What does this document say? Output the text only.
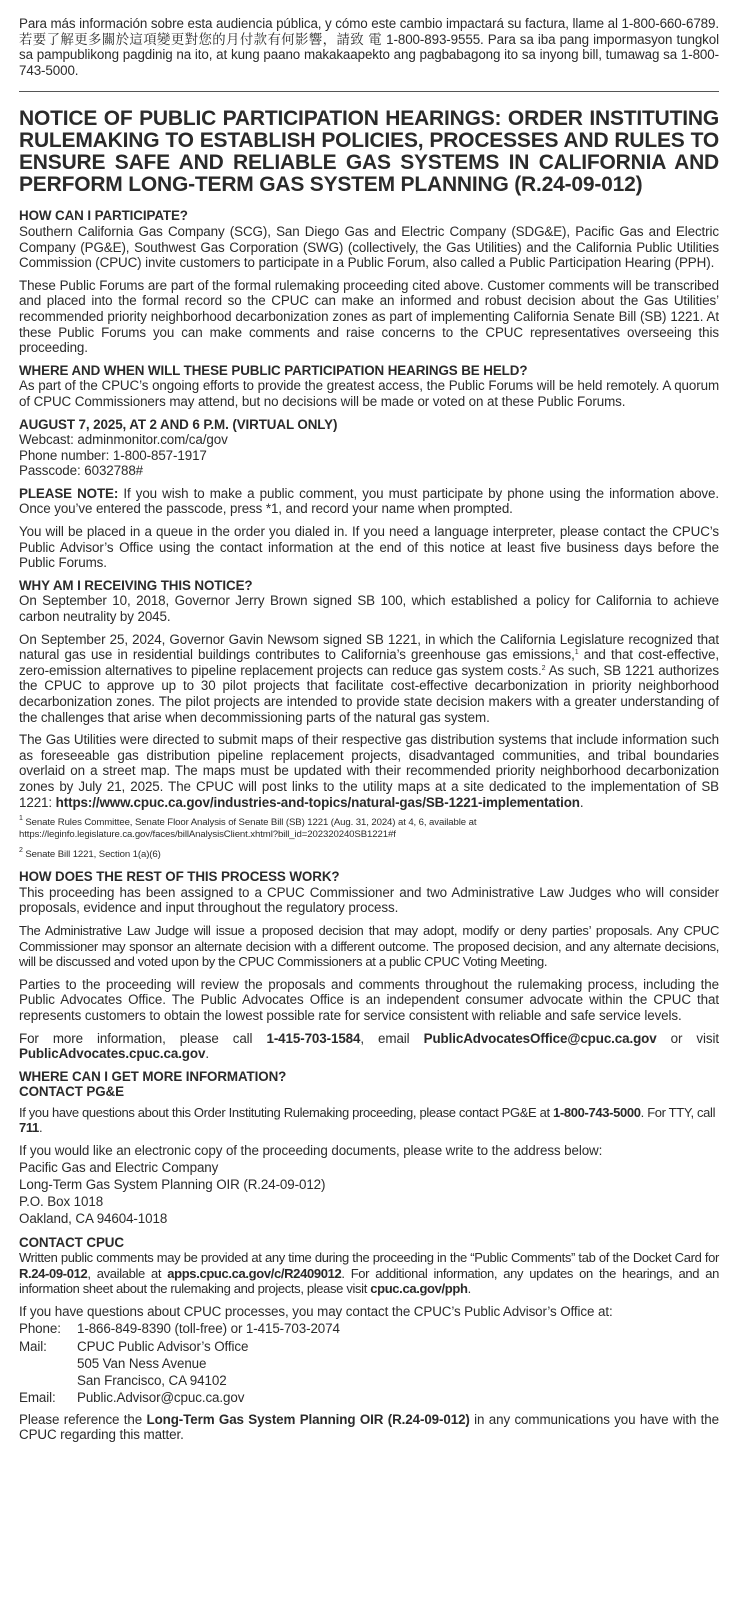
Para más información sobre esta audiencia pública, y cómo este cambio impactará su factura, llame al 1-800-660-6789. 若要了解更多關於這項變更對您的月付款有何影響，請致 電 1-800-893-9555. Para sa iba pang impormasyon tungkol sa pampublikong pagdinig na ito, at kung paano makakaapekto ang pagbabagong ito sa inyong bill, tumawag sa 1-800-743-5000.

NOTICE OF PUBLIC PARTICIPATION HEARINGS: ORDER INSTITUTING RULEMAKING TO ESTABLISH POLICIES, PROCESSES AND RULES TO ENSURE SAFE AND RELIABLE GAS SYSTEMS IN CALIFORNIA AND PERFORM LONG-TERM GAS SYSTEM PLANNING (R.24-09-012)
HOW CAN I PARTICIPATE?

Southern California Gas Company (SCG), San Diego Gas and Electric Company (SDG&E), Pacific Gas and Electric Company (PG&E), Southwest Gas Corporation (SWG) (collectively, the Gas Utilities) and the California Public Utilities Commission (CPUC) invite customers to participate in a Public Forum, also called a Public Participation Hearing (PPH).

These Public Forums are part of the formal rulemaking proceeding cited above. Customer comments will be transcribed and placed into the formal record so the CPUC can make an informed and robust decision about the Gas Utilities’ recommended priority neighborhood decarbonization zones as part of implementing California Senate Bill (SB) 1221. At these Public Forums you can make comments and raise concerns to the CPUC representatives overseeing this proceeding.

WHERE AND WHEN WILL THESE PUBLIC PARTICIPATION HEARINGS BE HELD?

As part of the CPUC’s ongoing efforts to provide the greatest access, the Public Forums will be held remotely. A quorum of CPUC Commissioners may attend, but no decisions will be made or voted on at these Public Forums.

AUGUST 7, 2025, AT 2 AND 6 P.M. (VIRTUAL ONLY)

Webcast: adminmonitor.com/ca/gov

Phone number: 1-800-857-1917

Passcode: 6032788#

PLEASE NOTE: If you wish to make a public comment, you must participate by phone using the information above. Once you’ve entered the passcode, press *1, and record your name when prompted.

You will be placed in a queue in the order you dialed in. If you need a language interpreter, please contact the CPUC’s Public Advisor’s Office using the contact information at the end of this notice at least five business days before the Public Forums.

WHY AM I RECEIVING THIS NOTICE?

On September 10, 2018, Governor Jerry Brown signed SB 100, which established a policy for California to achieve carbon neutrality by 2045.

On September 25, 2024, Governor Gavin Newsom signed SB 1221, in which the California Legislature recognized that natural gas use in residential buildings contributes to California’s greenhouse gas emissions,$^1$ and that cost-effective, zero-emission alternatives to pipeline replacement projects can reduce gas system costs.$^2$ As such, SB 1221 authorizes the CPUC to approve up to 30 pilot projects that facilitate cost-effective decarbonization in priority neighborhood decarbonization zones. The pilot projects are intended to provide state decision makers with a greater understanding of the challenges that arise when decommissioning parts of the natural gas system.

The Gas Utilities were directed to submit maps of their respective gas distribution systems that include information such as foreseeable gas distribution pipeline replacement projects, disadvantaged communities, and tribal boundaries overlaid on a street map. The maps must be updated with their recommended priority neighborhood decarbonization zones by July 21, 2025. The CPUC will post links to the utility maps at a site dedicated to the implementation of SB 1221: https://www.cpuc.ca.gov/industries-and-topics/natural-gas/SB-1221-implementation.

$^1$ Senate Rules Committee, Senate Floor Analysis of Senate Bill (SB) 1221 (Aug. 31, 2024) at 4, 6, available at https://leginfo.legislature.ca.gov/faces/billAnalysisClient.xhtml?bill_id=202320240SB1221#f

$^2$ Senate Bill 1221, Section 1(a)(6)

HOW DOES THE REST OF THIS PROCESS WORK?

This proceeding has been assigned to a CPUC Commissioner and two Administrative Law Judges who will consider proposals, evidence and input throughout the regulatory process.

The Administrative Law Judge will issue a proposed decision that may adopt, modify or deny parties’ proposals. Any CPUC Commissioner may sponsor an alternate decision with a different outcome. The proposed decision, and any alternate decisions, will be discussed and voted upon by the CPUC Commissioners at a public CPUC Voting Meeting.

Parties to the proceeding will review the proposals and comments throughout the rulemaking process, including the Public Advocates Office. The Public Advocates Office is an independent consumer advocate within the CPUC that represents customers to obtain the lowest possible rate for service consistent with reliable and safe service levels.

For more information, please call 1-415-703-1584, email PublicAdvocatesOffice@cpuc.ca.gov or visit PublicAdvocates.cpuc.ca.gov.

WHERE CAN I GET MORE INFORMATION?
CONTACT PG&E

If you have questions about this Order Instituting Rulemaking proceeding, please contact PG&E at 1-800-743-5000. For TTY, call 711.

If you would like an electronic copy of the proceeding documents, please write to the address below:

Pacific Gas and Electric Company
Long-Term Gas System Planning OIR (R.24-09-012)
P.O. Box 1018
Oakland, CA 94604-1018
CONTACT CPUC

Written public comments may be provided at any time during the proceeding in the “Public Comments” tab of the Docket Card for R.24-09-012, available at apps.cpuc.ca.gov/c/R2409012. For additional information, any updates on the hearings, and an information sheet about the rulemaking and projects, please visit cpuc.ca.gov/pph.

If you have questions about CPUC processes, you may contact the CPUC’s Public Advisor’s Office at:

Phone:	1-866-849-8390 (toll-free) or 1-415-703-2074
Mail:	CPUC Public Advisor’s Office
505 Van Ness Avenue
San Francisco, CA 94102

Email:	Public.Advisor@cpuc.ca.gov

Please reference the Long-Term Gas System Planning OIR (R.24-09-012) in any communications you have with the CPUC regarding this matter.
